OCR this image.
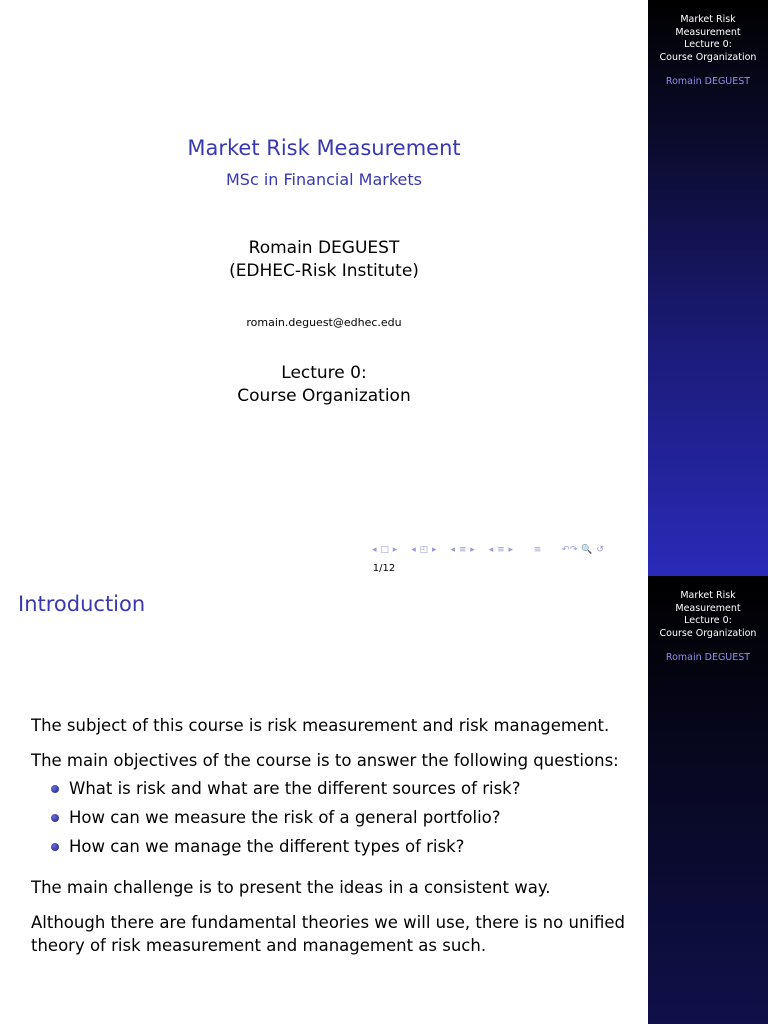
Market Risk Measurement
MSc in Financial Markets
Romain DEGUEST
(EDHEC-Risk Institute)
romain.deguest@edhec.edu
Lecture 0:
Course Organization
◂ □ ▸ ◂ ◰ ▸ ◂ ≡ ▸ ◂ ≡ ▸ ≡ ↶↷ 🔍 ↺
1/12
Market Risk
Measurement
Lecture 0:
Course Organization
Romain DEGUEST
Introduction

The subject of this course is risk measurement and risk management.

The main objectives of the course is to answer the following questions:

What is risk and what are the different sources of risk?
How can we measure the risk of a general portfolio?
How can we manage the different types of risk?

The main challenge is to present the ideas in a consistent way.

Although there are fundamental theories we will use, there is no unified theory of risk measurement and management as such.

Market Risk
Measurement
Lecture 0:
Course Organization
Romain DEGUEST
